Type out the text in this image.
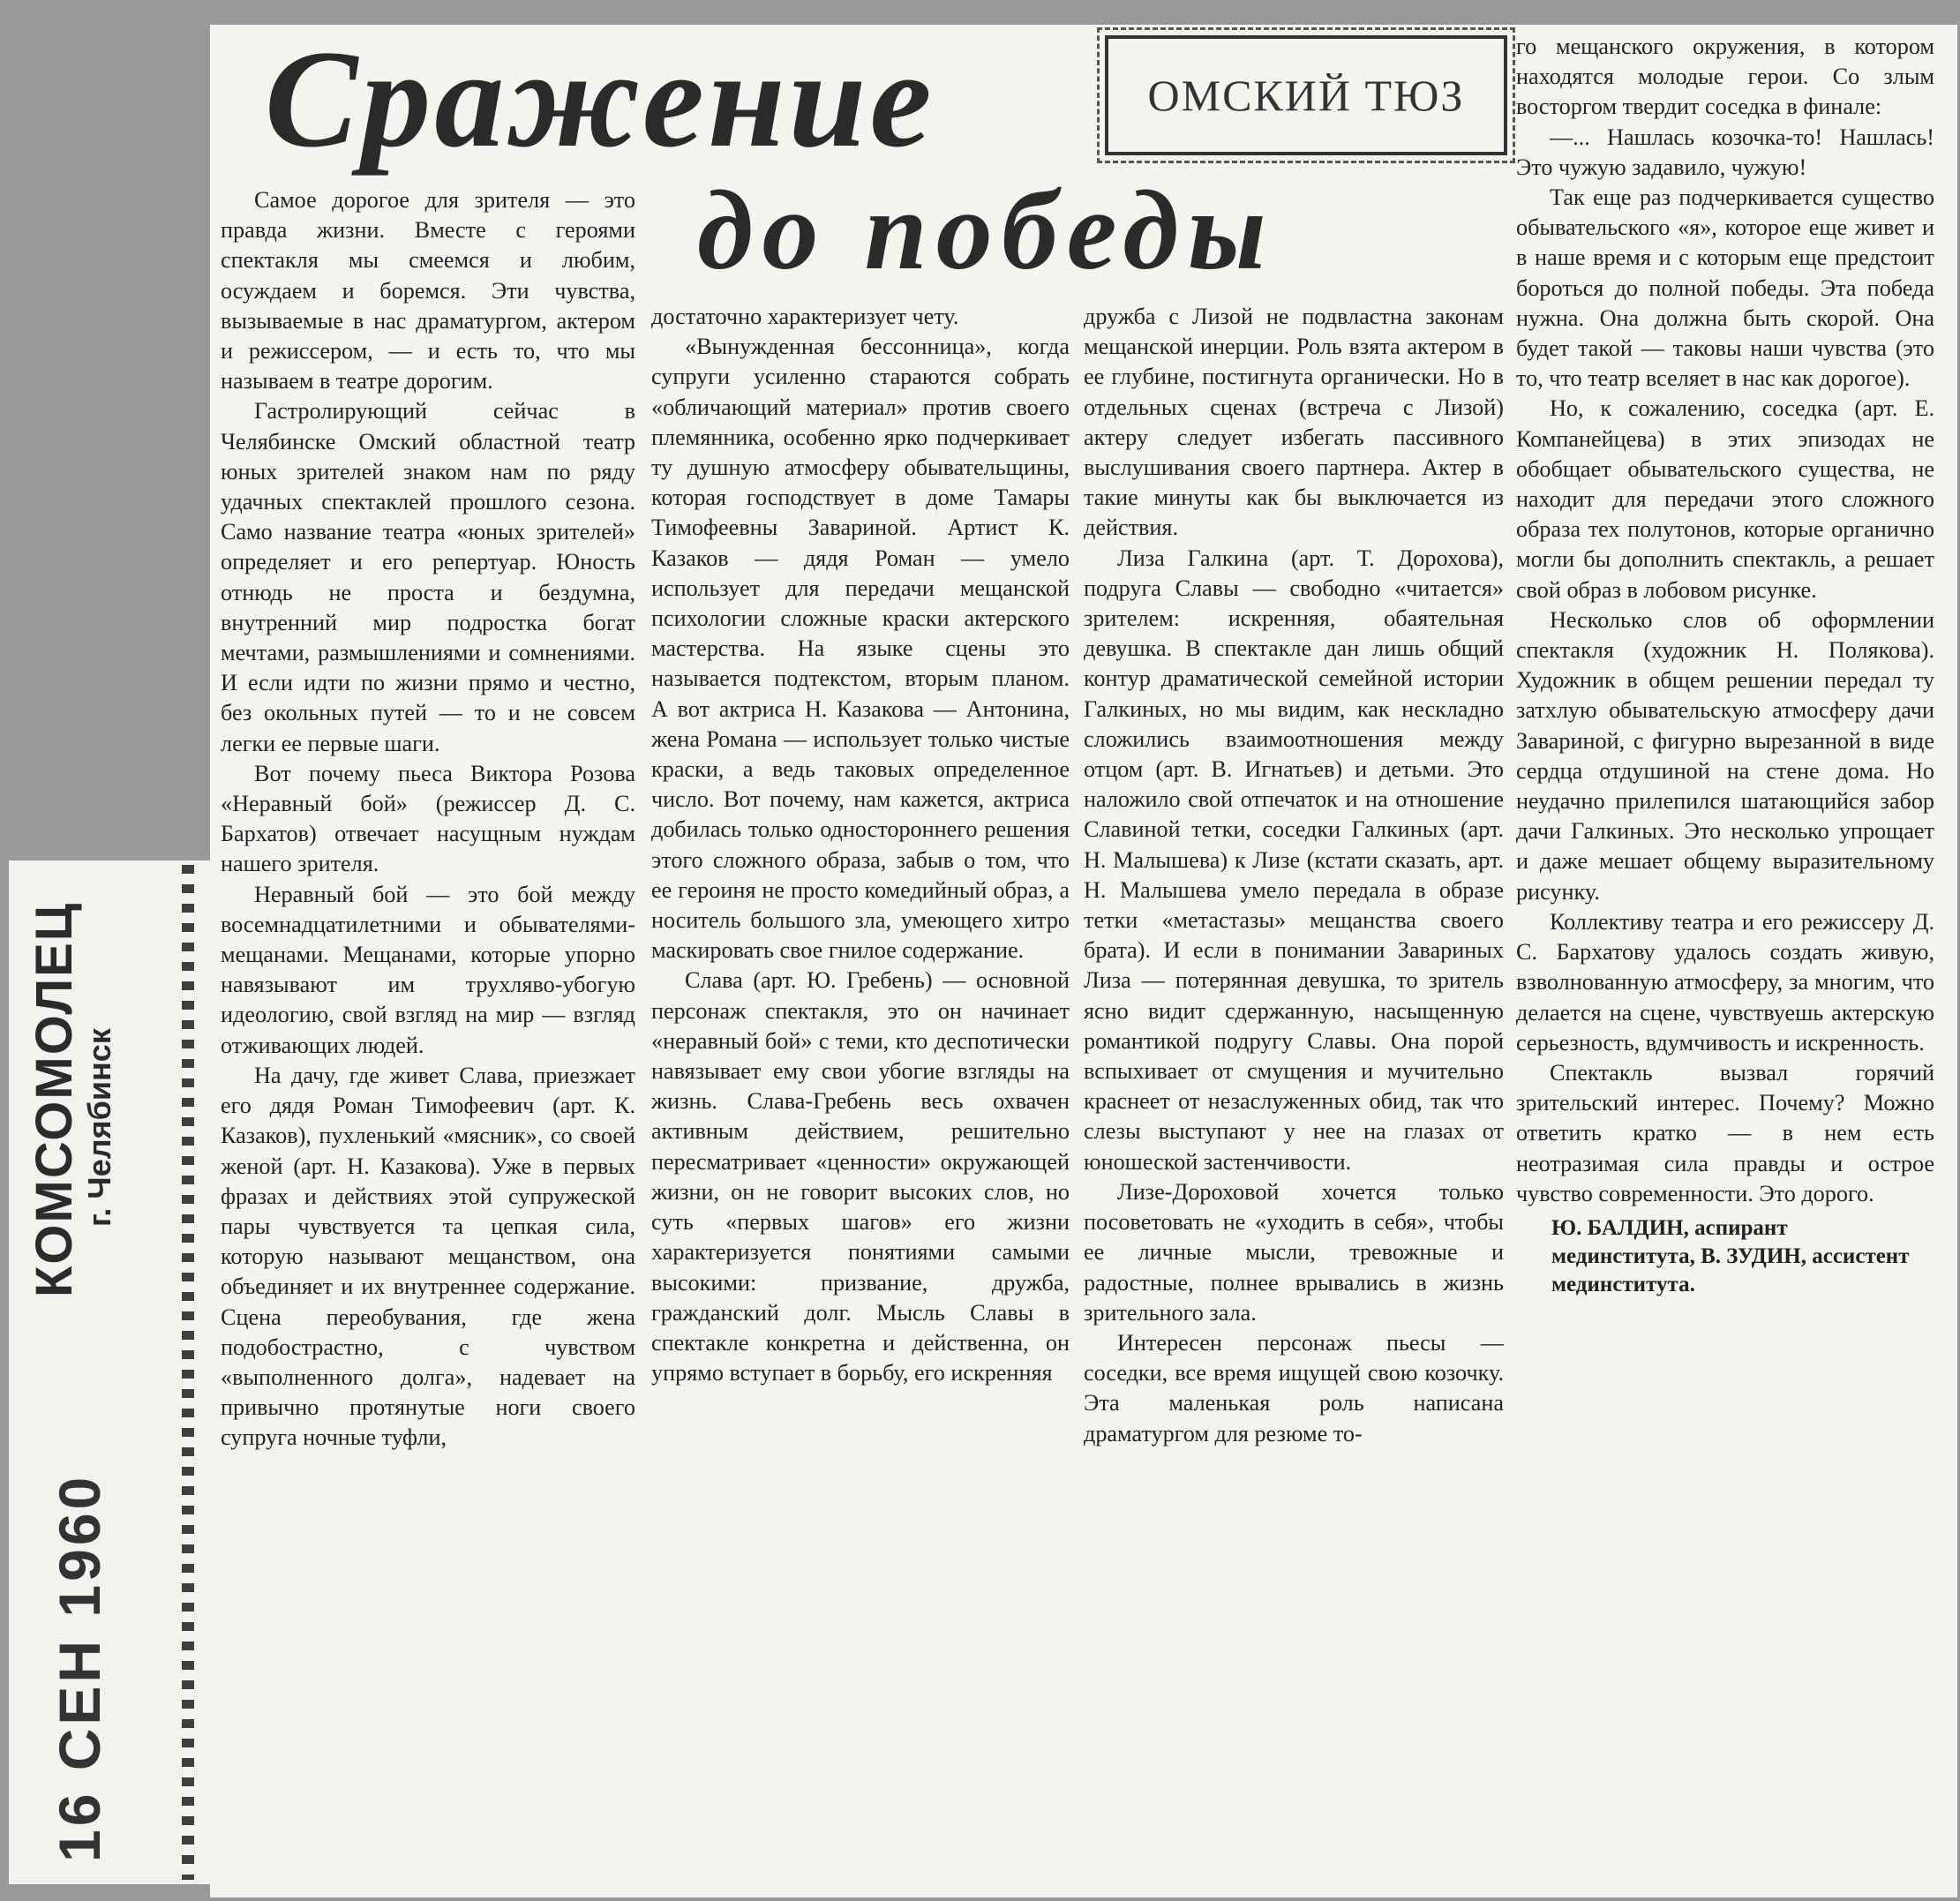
КОМСОМОЛЕЦ
г. Челябинск
16 СЕН 1960
Сражение
до победы
ОМСКИЙ ТЮЗ

Самое дорогое для зрителя — это правда жизни. Вместе с героями спектакля мы смеемся и любим, осуждаем и боремся. Эти чувства, вызываемые в нас драматургом, актером и режиссером, — и есть то, что мы называем в театре дорогим.

Гастролирующий сейчас в Челябинске Омский областной театр юных зрителей знаком нам по ряду удачных спектаклей прошлого сезона. Само название театра «юных зрителей» определяет и его репертуар. Юность отнюдь не проста и бездумна, внутренний мир подростка богат мечтами, размышлениями и сомнениями. И если идти по жизни прямо и честно, без окольных путей — то и не совсем легки ее первые шаги.

Вот почему пьеса Виктора Розова «Неравный бой» (режиссер Д. С. Бархатов) отвечает насущным нуждам нашего зрителя.

Неравный бой — это бой между восемнадцатилетними и обывателями-мещанами. Мещанами, которые упорно навязывают им трухляво-убогую идеологию, свой взгляд на мир — взгляд отживающих людей.

На дачу, где живет Слава, приезжает его дядя Роман Тимофеевич (арт. К. Казаков), пухленький «мясник», со своей женой (арт. Н. Казакова). Уже в первых фразах и действиях этой супружеской пары чувствуется та цепкая сила, которую называют мещанством, она объединяет и их внутреннее содержание. Сцена переобувания, где жена подобострастно, с чувством «выполненного долга», надевает на привычно протянутые ноги своего супруга ночные туфли,

достаточно характеризует чету.

«Вынужденная бессонница», когда супруги усиленно стараются собрать «обличающий материал» против своего племянника, особенно ярко подчеркивает ту душную атмосферу обывательщины, которая господствует в доме Тамары Тимофеевны Завариной. Артист К. Казаков — дядя Роман — умело использует для передачи мещанской психологии сложные краски актерского мастерства. На языке сцены это называется подтекстом, вторым планом. А вот актриса Н. Казакова — Антонина, жена Романа — использует только чистые краски, а ведь таковых определенное число. Вот почему, нам кажется, актриса добилась только одностороннего решения этого сложного образа, забыв о том, что ее героиня не просто комедийный образ, а носитель большого зла, умеющего хитро маскировать свое гнилое содержание.

Слава (арт. Ю. Гребень) — основной персонаж спектакля, это он начинает «неравный бой» с теми, кто деспотически навязывает ему свои убогие взгляды на жизнь. Слава-Гребень весь охвачен активным действием, решительно пересматривает «ценности» окружающей жизни, он не говорит высоких слов, но суть «первых шагов» его жизни характеризуется понятиями самыми высокими: призвание, дружба, гражданский долг. Мысль Славы в спектакле конкретна и действенна, он упрямо вступает в борьбу, его искренняя

дружба с Лизой не подвластна законам мещанской инерции. Роль взята актером в ее глубине, постигнута органически. Но в отдельных сценах (встреча с Лизой) актеру следует избегать пассивного выслушивания своего партнера. Актер в такие минуты как бы выключается из действия.

Лиза Галкина (арт. Т. Дорохова), подруга Славы — свободно «читается» зрителем: искренняя, обаятельная девушка. В спектакле дан лишь общий контур драматической семейной истории Галкиных, но мы видим, как нескладно сложились взаимоотношения между отцом (арт. В. Игнатьев) и детьми. Это наложило свой отпечаток и на отношение Славиной тетки, соседки Галкиных (арт. Н. Малышева) к Лизе (кстати сказать, арт. Н. Малышева умело передала в образе тетки «метастазы» мещанства своего брата). И если в понимании Завариных Лиза — потерянная девушка, то зритель ясно видит сдержанную, насыщенную романтикой подругу Славы. Она порой вспыхивает от смущения и мучительно краснеет от незаслуженных обид, так что слезы выступают у нее на глазах от юношеской застенчивости.

Лизе-Дороховой хочется только посоветовать не «уходить в себя», чтобы ее личные мысли, тревожные и радостные, полнее врывались в жизнь зрительного зала.

Интересен персонаж пьесы — соседки, все время ищущей свою козочку. Эта маленькая роль написана драматургом для резюме то-

го мещанского окружения, в котором находятся молодые герои. Со злым восторгом твердит соседка в финале:

—... Нашлась козочка-то! Нашлась! Это чужую задавило, чужую!

Так еще раз подчеркивается существо обывательского «я», которое еще живет и в наше время и с которым еще предстоит бороться до полной победы. Эта победа нужна. Она должна быть скорой. Она будет такой — таковы наши чувства (это то, что театр вселяет в нас как дорогое).

Но, к сожалению, соседка (арт. Е. Компанейцева) в этих эпизодах не обобщает обывательского существа, не находит для передачи этого сложного образа тех полутонов, которые органично могли бы дополнить спектакль, а решает свой образ в лобовом рисунке.

Несколько слов об оформлении спектакля (художник Н. Полякова). Художник в общем решении передал ту затхлую обывательскую атмосферу дачи Завариной, с фигурно вырезанной в виде сердца отдушиной на стене дома. Но неудачно прилепился шатающийся забор дачи Галкиных. Это несколько упрощает и даже мешает общему выразительному рисунку.

Коллективу театра и его режиссеру Д. С. Бархатову удалось создать живую, взволнованную атмосферу, за многим, что делается на сцене, чувствуешь актерскую серьезность, вдумчивость и искренность.

Спектакль вызвал горячий зрительский интерес. Почему? Можно ответить кратко — в нем есть неотразимая сила правды и острое чувство современности. Это дорого.

Ю. БАЛДИН, аспирант мединститута, В. ЗУДИН, ассистент мединститута.
